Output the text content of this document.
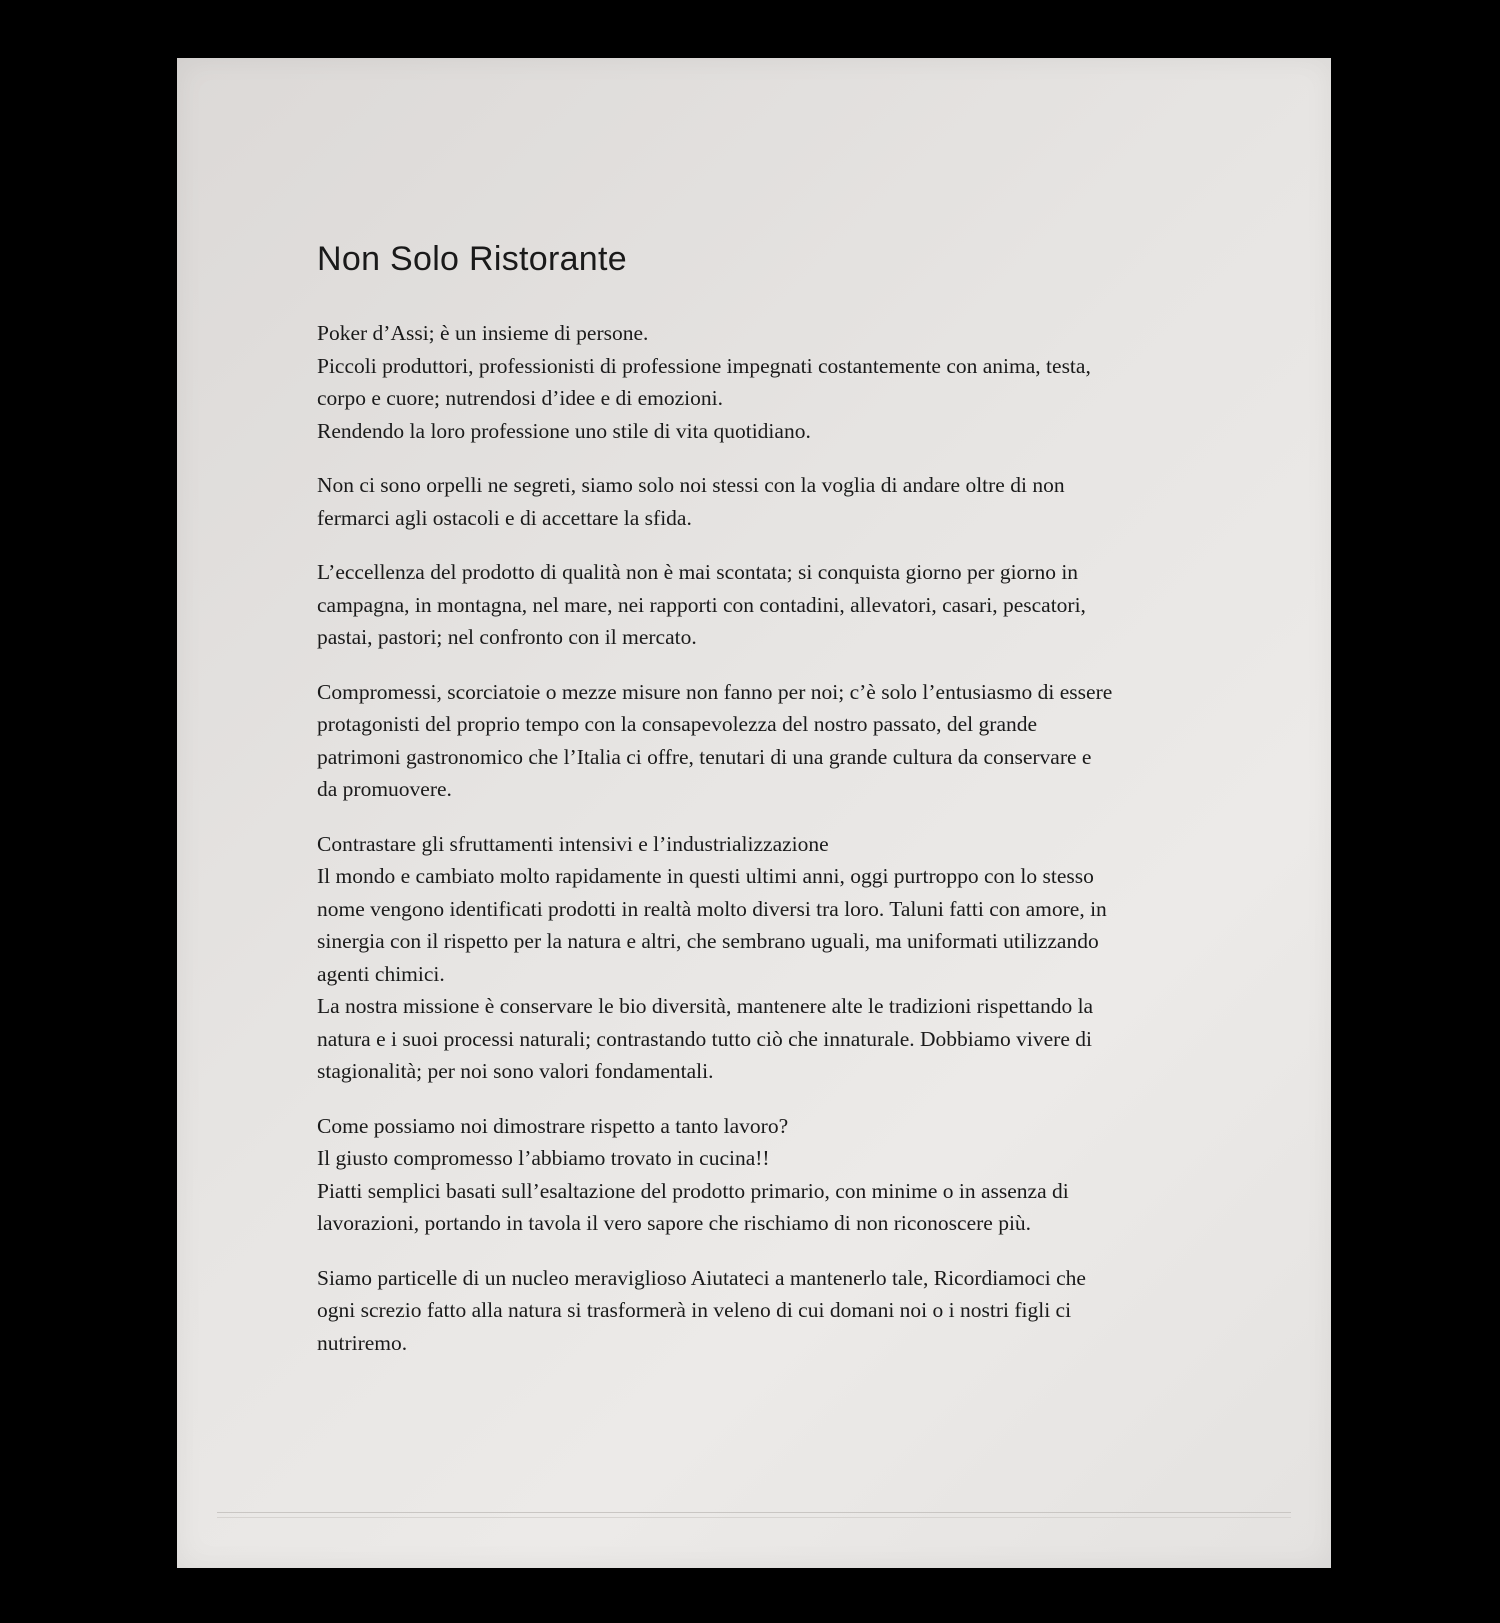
Non Solo Ristorante
Poker d’Assi; è un insieme di persone.
Piccoli produttori, professionisti di professione impegnati costantemente con anima, testa,
corpo e cuore; nutrendosi d’idee e di emozioni.
Rendendo la loro professione uno stile di vita quotidiano.
Non ci sono orpelli ne segreti, siamo solo noi stessi con la voglia di andare oltre di non
fermarci agli ostacoli e di accettare la sfida.
L’eccellenza del prodotto di qualità non è mai scontata; si conquista giorno per giorno in
campagna, in montagna, nel mare, nei rapporti con contadini, allevatori, casari, pescatori,
pastai, pastori; nel confronto con il mercato.
Compromessi, scorciatoie o mezze misure non fanno per noi; c’è solo l’entusiasmo di essere
protagonisti del proprio tempo con la consapevolezza del nostro passato, del grande
patrimoni gastronomico che l’Italia ci offre, tenutari di una grande cultura da conservare e
da promuovere.
Contrastare gli sfruttamenti intensivi e l’industrializzazione
Il mondo e cambiato molto rapidamente in questi ultimi anni, oggi purtroppo con lo stesso
nome vengono identificati prodotti in realtà molto diversi tra loro. Taluni fatti con amore, in
sinergia con il rispetto per la natura e altri, che sembrano uguali, ma uniformati utilizzando
agenti chimici.
La nostra missione è conservare le bio diversità, mantenere alte le tradizioni rispettando la
natura e i suoi processi naturali; contrastando tutto ciò che innaturale. Dobbiamo vivere di
stagionalità; per noi sono valori fondamentali.
Come possiamo noi dimostrare rispetto a tanto lavoro?
Il giusto compromesso l’abbiamo trovato in cucina!!
Piatti semplici basati sull’esaltazione del prodotto primario, con minime o in assenza di
lavorazioni, portando in tavola il vero sapore che rischiamo di non riconoscere più.
Siamo particelle di un nucleo meraviglioso Aiutateci a mantenerlo tale, Ricordiamoci che
ogni screzio fatto alla natura si trasformerà in veleno di cui domani noi o i nostri figli ci
nutriremo.
